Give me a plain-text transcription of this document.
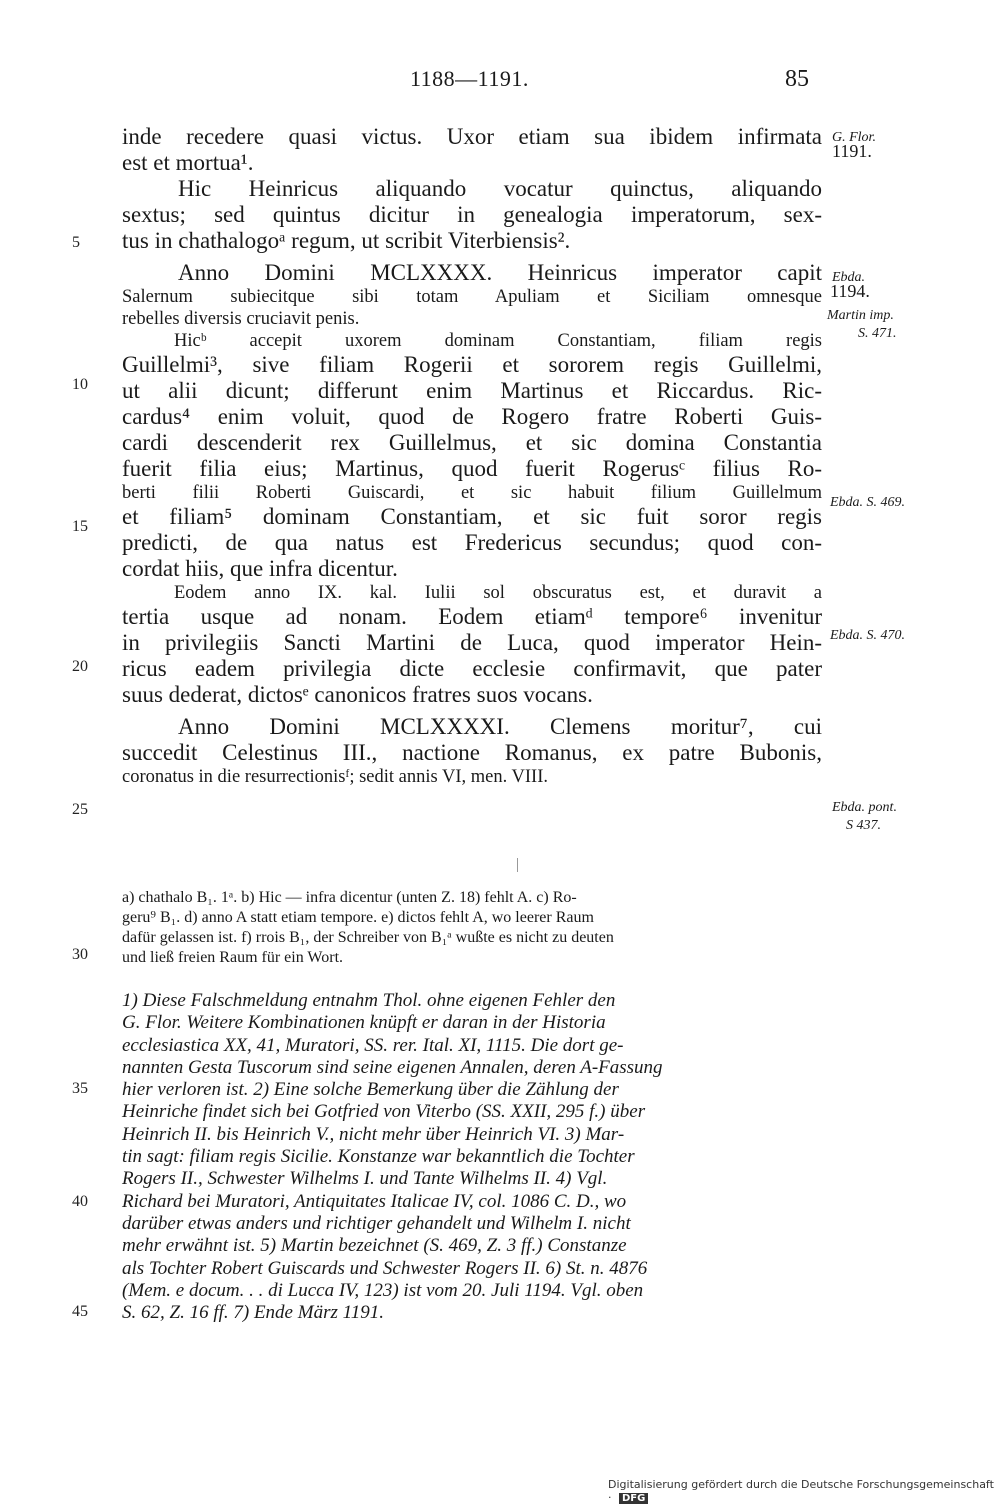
1188—1191.	85
inde recedere quasi victus. Uxor etiam sua ibidem infirmata
est et mortua¹.
Hic Heinricus aliquando vocatur quinctus, aliquando
sextus; sed quintus dicitur in genealogia imperatorum, sex-
tus in chathalogoᵃ regum, ut scribit Viterbiensis².
Anno Domini MCLXXXX. Heinricus imperator capit
Salernum subiecitque sibi totam Apuliam et Siciliam omnesque
rebelles diversis cruciavit penis.
Hicᵇ accepit uxorem dominam Constantiam, filiam regis
Guillelmi³, sive filiam Rogerii et sororem regis Guillelmi,
ut alii dicunt; differunt enim Martinus et Riccardus. Ric-
cardus⁴ enim voluit, quod de Rogero fratre Roberti Guis-
cardi descenderit rex Guillelmus, et sic domina Constantia
fuerit filia eius; Martinus, quod fuerit Rogerusᶜ filius Ro-
berti filii Roberti Guiscardi, et sic habuit filium Guillelmum
et filiam⁵ dominam Constantiam, et sic fuit soror regis
predicti, de qua natus est Fredericus secundus; quod con-
cordat hiis, que infra dicentur.
Eodem anno IX. kal. Iulii sol obscuratus est, et duravit a
tertia usque ad nonam. Eodem etiamᵈ tempore⁶ invenitur
in privilegiis Sancti Martini de Luca, quod imperator Hein-
ricus eadem privilegia dicte ecclesie confirmavit, que pater
suus dederat, dictosᵉ canonicos fratres suos vocans.
Anno Domini MCLXXXXI. Clemens moritur⁷, cui
succedit Celestinus III., nactione Romanus, ex patre Bubonis,
coronatus in die resurrectionisᶠ; sedit annis VI, men. VIII.
5
10
15
20
25
30
35
40
45
G. Flor.
1191.
Ebda.
1194.
Martin imp.
S. 471.
Ebda. S. 469.
Ebda. S. 470.
Ebda. pont.
S 437.
a) chathalo B₁. 1ᵃ. b) Hic — infra dicentur (unten Z. 18) fehlt A. c) Ro-
geru⁹ B₁. d) anno A statt etiam tempore. e) dictos fehlt A, wo leerer Raum
dafür gelassen ist. f) rrois B₁, der Schreiber von B₁ᵃ wußte es nicht zu deuten
und ließ freien Raum für ein Wort.
1) Diese Falschmeldung entnahm Thol. ohne eigenen Fehler den
G. Flor. Weitere Kombinationen knüpft er daran in der Historia
ecclesiastica XX, 41, Muratori, SS. rer. Ital. XI, 1115. Die dort ge-
nannten Gesta Tuscorum sind seine eigenen Annalen, deren A-Fassung
hier verloren ist. 2) Eine solche Bemerkung über die Zählung der
Heinriche findet sich bei Gotfried von Viterbo (SS. XXII, 295 f.) über
Heinrich II. bis Heinrich V., nicht mehr über Heinrich VI. 3) Mar-
tin sagt: filiam regis Sicilie. Konstanze war bekanntlich die Tochter
Rogers II., Schwester Wilhelms I. und Tante Wilhelms II. 4) Vgl.
Richard bei Muratori, Antiquitates Italicae IV, col. 1086 C. D., wo
darüber etwas anders und richtiger gehandelt und Wilhelm I. nicht
mehr erwähnt ist. 5) Martin bezeichnet (S. 469, Z. 3 ff.) Constanze
als Tochter Robert Guiscards und Schwester Rogers II. 6) St. n. 4876
(Mem. e docum. . . di Lucca IV, 123) ist vom 20. Juli 1194. Vgl. oben
S. 62, Z. 16 ff. 7) Ende März 1191.
Digitalisierung gefördert durch die Deutsche Forschungsgemeinschaft · DFG
